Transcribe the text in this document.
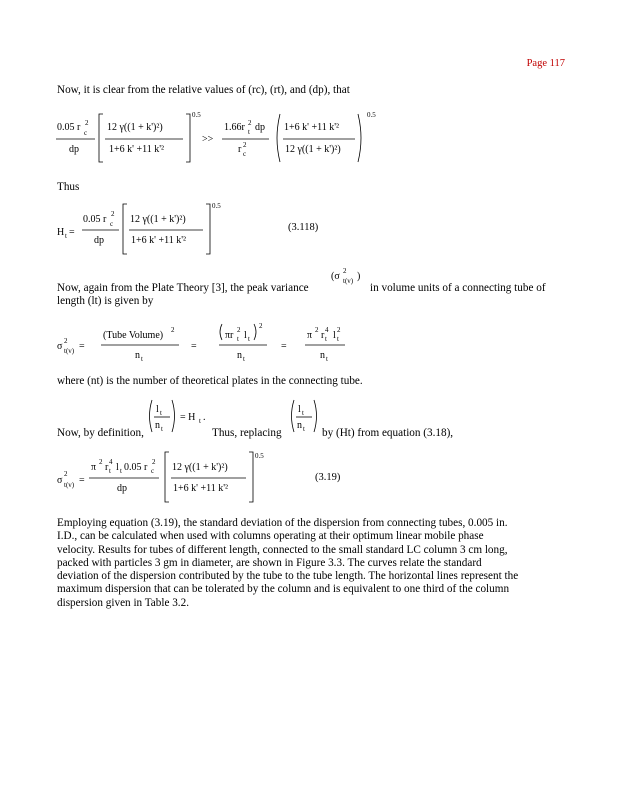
Page 117
Now, it is clear from the relative values of (rc), (rt), and (dp), that
0.05 r c
2
dp
12 γ((1 + k')²)
1+6 k' +11 k'²
0.5
>>
1.66r t
2 dp
r c
2
1+6 k' +11 k'²
12 γ((1 + k')²)
0.5
Thus
H t =
0.05 r c
2
dp
12 γ((1 + k')²)
1+6 k' +11 k'²
0.5
(3.118)
Now, again from the Plate Theory [3], the peak variance
(σ 2
t(v) )
in volume units of a connecting tube of
length (lt) is given by
σ 2
t(v) =
(Tube Volume) 2
n t
=
πr 2
t l t
2
n t
=
π 2 r 4
t l 2
t
n t
where (nt) is the number of theoretical plates in the connecting tube.
l t
n t
= H t .
Now, by definition,	Thus, replacing
l t
n t by (Ht) from equation (3.18),
σ
2
t(v) =
π 2 r 4
t l t 0.05 r c
2
dp
12 γ((1 + k')²)
1+6 k' +11 k'²
0.5
(3.19)
Employing equation (3.19), the standard deviation of the dispersion from connecting tubes, 0.005 in.
I.D., can be calculated when used with columns operating at their optimum linear mobile phase
velocity. Results for tubes of different length, connected to the small standard LC column 3 cm long,
packed with particles 3 gm in diameter, are shown in Figure 3.3. The curves relate the standard
deviation of the dispersion contributed by the tube to the tube length. The horizontal lines represent the
maximum dispersion that can be tolerated by the column and is equivalent to one third of the column
dispersion given in Table 3.2.
